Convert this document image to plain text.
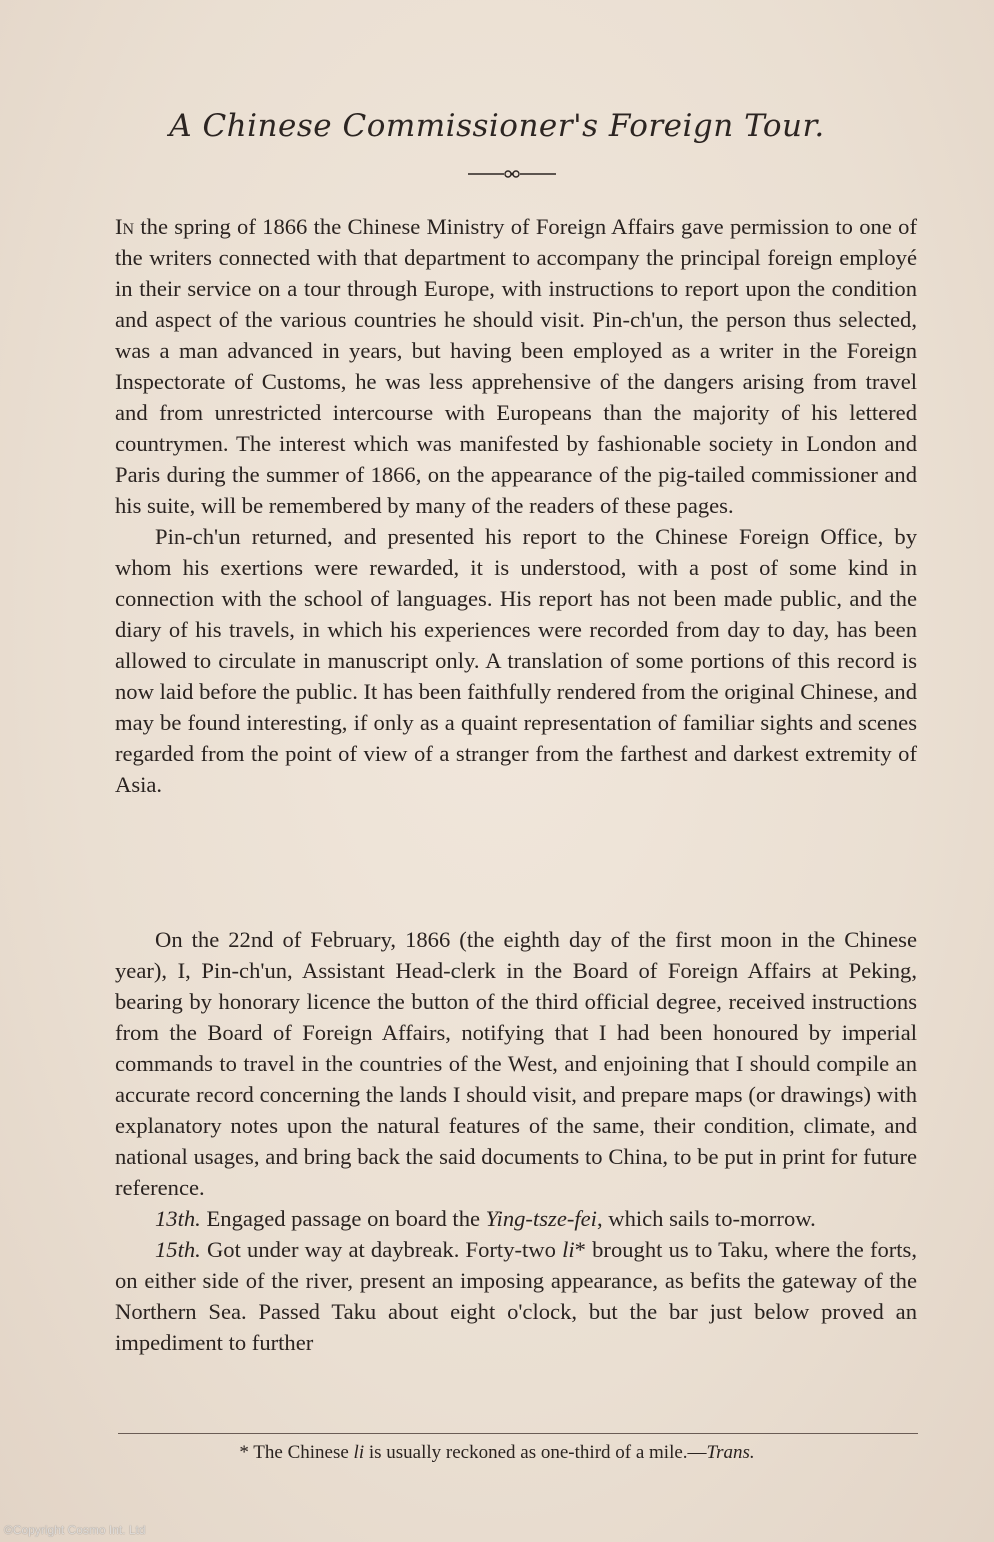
A Chinese Commissioner's Foreign Tour.

In the spring of 1866 the Chinese Ministry of Foreign Affairs gave permission to one of the writers connected with that department to accompany the principal foreign employé in their service on a tour through Europe, with instructions to report upon the condition and aspect of the various countries he should visit. Pin-ch'un, the person thus selected, was a man advanced in years, but having been employed as a writer in the Foreign Inspectorate of Customs, he was less apprehensive of the dangers arising from travel and from unrestricted intercourse with Europeans than the majority of his lettered countrymen. The interest which was manifested by fashionable society in London and Paris during the summer of 1866, on the appearance of the pig-tailed commissioner and his suite, will be remembered by many of the readers of these pages.

Pin-ch'un returned, and presented his report to the Chinese Foreign Office, by whom his exertions were rewarded, it is understood, with a post of some kind in connection with the school of languages. His report has not been made public, and the diary of his travels, in which his experiences were recorded from day to day, has been allowed to circulate in manuscript only. A translation of some portions of this record is now laid before the public. It has been faithfully rendered from the original Chinese, and may be found interesting, if only as a quaint representation of familiar sights and scenes regarded from the point of view of a stranger from the farthest and darkest extremity of Asia.

On the 22nd of February, 1866 (the eighth day of the first moon in the Chinese year), I, Pin-ch'un, Assistant Head-clerk in the Board of Foreign Affairs at Peking, bearing by honorary licence the button of the third official degree, received instructions from the Board of Foreign Affairs, notifying that I had been honoured by imperial commands to travel in the countries of the West, and enjoining that I should compile an accurate record concerning the lands I should visit, and prepare maps (or drawings) with explanatory notes upon the natural features of the same, their condition, climate, and national usages, and bring back the said documents to China, to be put in print for future reference.

13th. Engaged passage on board the Ying-tsze-fei, which sails to-morrow.

15th. Got under way at daybreak. Forty-two li* brought us to Taku, where the forts, on either side of the river, present an imposing appearance, as befits the gateway of the Northern Sea. Passed Taku about eight o'clock, but the bar just below proved an impediment to further

* The Chinese li is usually reckoned as one-third of a mile.—Trans.
©Copyright Cosmo Int. Ltd
